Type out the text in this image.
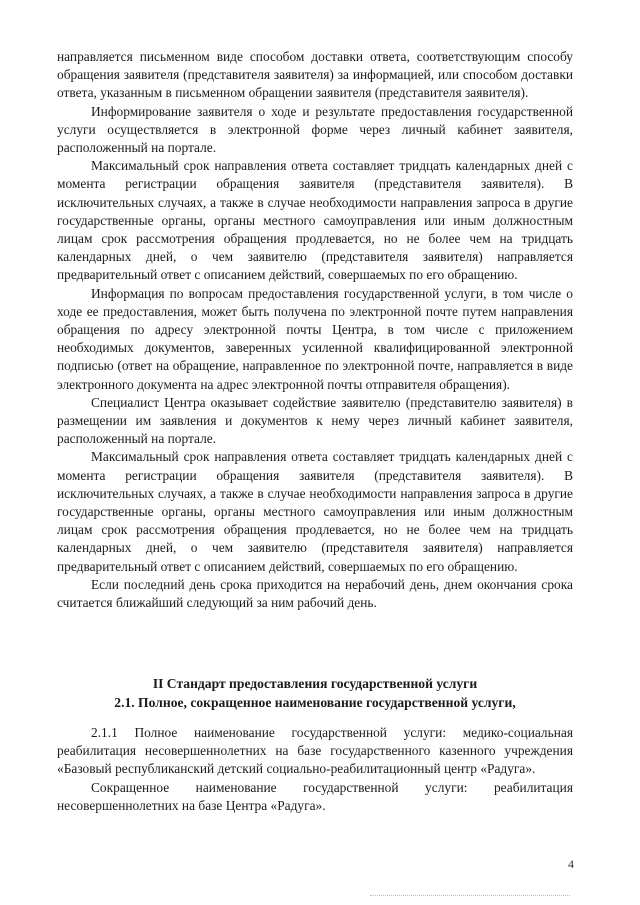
направляется письменном виде способом доставки ответа, соответствующим способу обращения заявителя (представителя заявителя) за информацией, или способом доставки ответа, указанным в письменном обращении заявителя (представителя заявителя).

Информирование заявителя о ходе и результате предоставления государственной услуги осуществляется в электронной форме через личный кабинет заявителя, расположенный на портале.

Максимальный срок направления ответа составляет тридцать календарных дней с момента регистрации обращения заявителя (представителя заявителя). В исключительных случаях, а также в случае необходимости направления запроса в другие государственные органы, органы местного самоуправления или иным должностным лицам срок рассмотрения обращения продлевается, но не более чем на тридцать календарных дней, о чем заявителю (представителя заявителя) направляется предварительный ответ с описанием действий, совершаемых по его обращению.

Информация по вопросам предоставления государственной услуги, в том числе о ходе ее предоставления, может быть получена по электронной почте путем направления обращения по адресу электронной почты Центра, в том числе с приложением необходимых документов, заверенных усиленной квалифицированной электронной подписью (ответ на обращение, направленное по электронной почте, направляется в виде электронного документа на адрес электронной почты отправителя обращения).

Специалист Центра оказывает содействие заявителю (представителю заявителя) в размещении им заявления и документов к нему через личный кабинет заявителя, расположенный на портале.

Максимальный срок направления ответа составляет тридцать календарных дней с момента регистрации обращения заявителя (представителя заявителя). В исключительных случаях, а также в случае необходимости направления запроса в другие государственные органы, органы местного самоуправления или иным должностным лицам срок рассмотрения обращения продлевается, но не более чем на тридцать календарных дней, о чем заявителю (представителя заявителя) направляется предварительный ответ с описанием действий, совершаемых по его обращению.

Если последний день срока приходится на нерабочий день, днем окончания срока считается ближайший следующий за ним рабочий день.

II Стандарт предоставления государственной услуги

2.1. Полное, сокращенное наименование государственной услуги,

2.1.1 Полное наименование государственной услуги: медико-социальная реабилитация несовершеннолетних на базе государственного казенного учреждения «Базовый республиканский детский социально-реабилитационный центр «Радуга».

Сокращенное наименование государственной услуги: реабилитация несовершеннолетних на базе Центра «Радуга».

4
